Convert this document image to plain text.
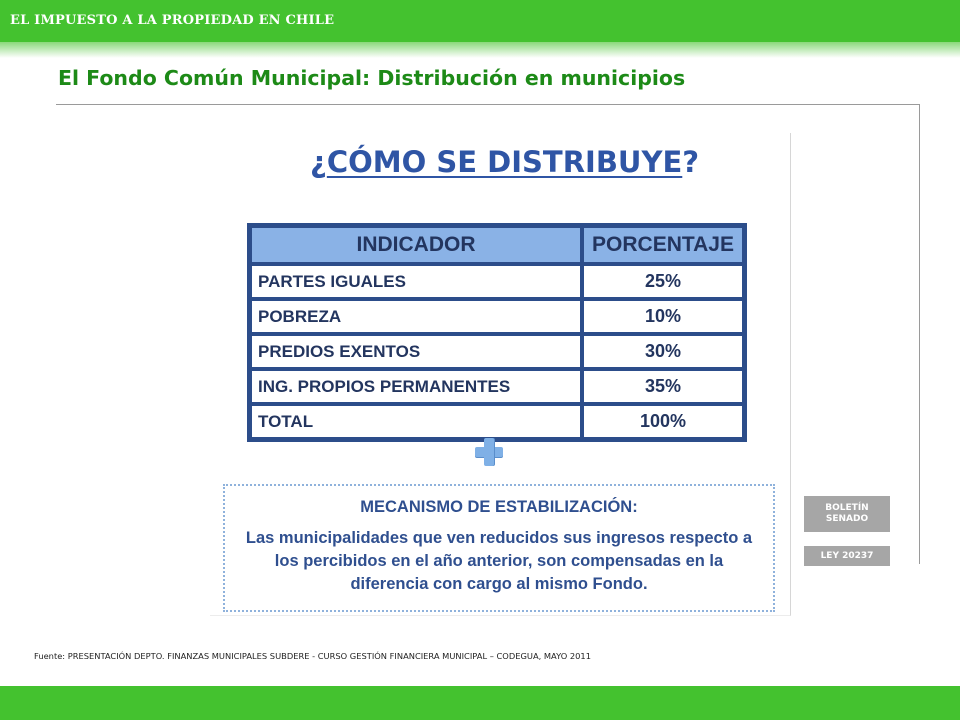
EL IMPUESTO A LA PROPIEDAD EN CHILE
El Fondo Común Municipal: Distribución en municipios
¿CÓMO SE DISTRIBUYE?
INDICADOR	PORCENTAJE
PARTES IGUALES	25%
POBREZA	10%
PREDIOS EXENTOS	30%
ING. PROPIOS PERMANENTES	35%
TOTAL	100%
MECANISMO DE ESTABILIZACIÓN:
Las municipalidades que ven reducidos sus ingresos respecto a los percibidos en el año anterior, son compensadas en la diferencia con cargo al mismo Fondo.
BOLETÍN
SENADO
LEY 20237
Fuente: PRESENTACIÓN DEPTO. FINANZAS MUNICIPALES SUBDERE - CURSO GESTIÓN FINANCIERA MUNICIPAL – CODEGUA, MAYO 2011
